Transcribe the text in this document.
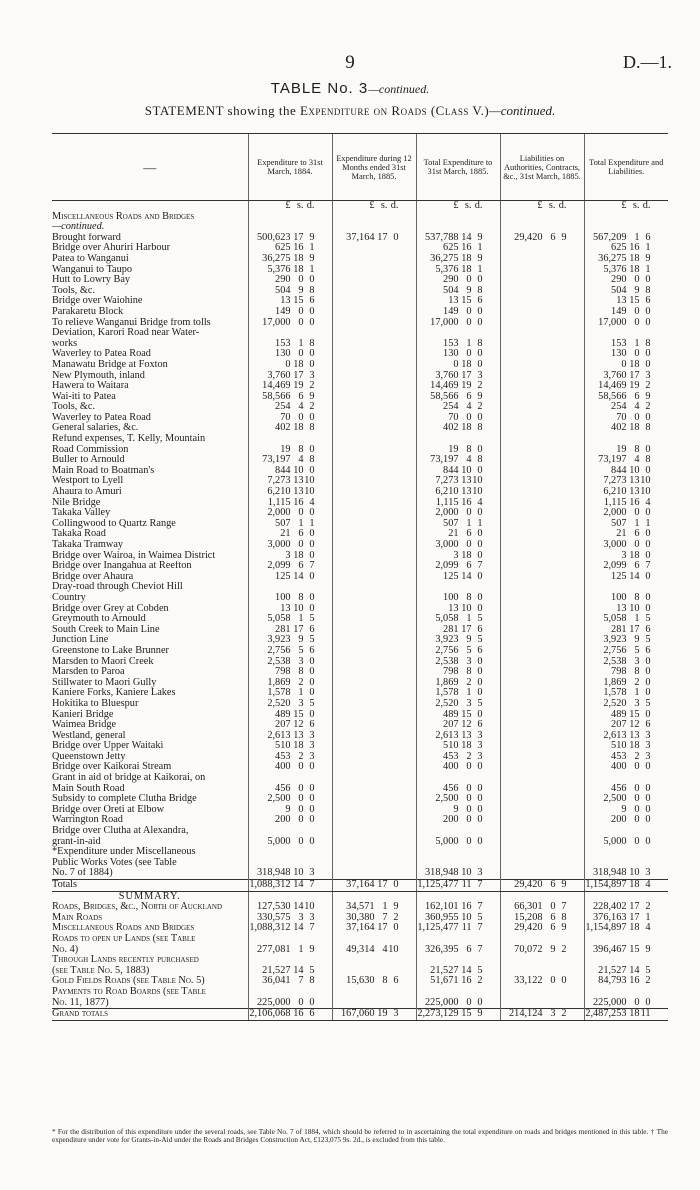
9	D.—1.
TABLE No. 3—continued.
STATEMENT showing the Expenditure on Roads (Class V.)—continued.
—	Expenditure to 31st March, 1884.	Expenditure during 12 Months ended 31st March, 1885.	Total Expenditure to 31st March, 1885.	Liabilities on Authorities, Contracts, &c., 31st March, 1885.	Total Expenditure and Liabilities.

	£ s. d.	£ s. d.	£ s. d.	£ s. d.	£ s. d.

Miscellaneous Roads and Bridges					
—continued.					
Brought forward	500,623 17 9	37,164 17 0	537,788 14 9	29,420 6 9	567,209 1 6

Bridge over Ahuriri Harbour	625 16 1		625 16 1		625 16 1

Patea to Wanganui	36,275 18 9		36,275 18 9		36,275 18 9

Wanganui to Taupo	5,376 18 1		5,376 18 1		5,376 18 1

Hutt to Lowry Bay	290 0 0		290 0 0		290 0 0

Tools, &c.	504 9 8		504 9 8		504 9 8

Bridge over Waiohine	13 15 6		13 15 6		13 15 6

Parakaretu Block	149 0 0		149 0 0		149 0 0

To relieve Wanganui Bridge from tolls	17,000 0 0		17,000 0 0		17,000 0 0

Deviation, Karori Road near Water-	

works	153 1 8		153 1 8		153 1 8

Waverley to Patea Road	130 0 0		130 0 0		130 0 0

Manawatu Bridge at Foxton	0 18 0		0 18 0		0 18 0

New Plymouth, inland	3,760 17 3		3,760 17 3		3,760 17 3

Hawera to Waitara	14,469 19 2		14,469 19 2		14,469 19 2

Wai-iti to Patea	58,566 6 9		58,566 6 9		58,566 6 9

Tools, &c.	254 4 2		254 4 2		254 4 2

Waverley to Patea Road	70 0 0		70 0 0		70 0 0

General salaries, &c.	402 18 8		402 18 8		402 18 8

Refund expenses, T. Kelly, Mountain	

Road Commission	19 8 0		19 8 0		19 8 0

Buller to Arnould	73,197 4 8		73,197 4 8		73,197 4 8

Main Road to Boatman's	844 10 0		844 10 0		844 10 0

Westport to Lyell	7,273 13 10		7,273 13 10		7,273 13 10

Ahaura to Amuri	6,210 13 10		6,210 13 10		6,210 13 10

Nile Bridge	1,115 16 4		1,115 16 4		1,115 16 4

Takaka Valley	2,000 0 0		2,000 0 0		2,000 0 0

Collingwood to Quartz Range	507 1 1		507 1 1		507 1 1

Takaka Road	21 6 0		21 6 0		21 6 0

Takaka Tramway	3,000 0 0		3,000 0 0		3,000 0 0

Bridge over Wairoa, in Waimea District	3 18 0		3 18 0		3 18 0

Bridge over Inangahua at Reefton	2,099 6 7		2,099 6 7		2,099 6 7

Bridge over Ahaura	125 14 0		125 14 0		125 14 0

Dray-road through Cheviot Hill	

Country	100 8 0		100 8 0		100 8 0

Bridge over Grey at Cobden	13 10 0		13 10 0		13 10 0

Greymouth to Arnould	5,058 1 5		5,058 1 5		5,058 1 5

South Creek to Main Line	281 17 6		281 17 6		281 17 6

Junction Line	3,923 9 5		3,923 9 5		3,923 9 5

Greenstone to Lake Brunner	2,756 5 6		2,756 5 6		2,756 5 6

Marsden to Maori Creek	2,538 3 0		2,538 3 0		2,538 3 0

Marsden to Paroa	798 8 0		798 8 0		798 8 0

Stillwater to Maori Gully	1,869 2 0		1,869 2 0		1,869 2 0

Kaniere Forks, Kaniere Lakes	1,578 1 0		1,578 1 0		1,578 1 0

Hokitika to Bluespur	2,520 3 5		2,520 3 5		2,520 3 5

Kanieri Bridge	489 15 0		489 15 0		489 15 0

Waimea Bridge	207 12 6		207 12 6		207 12 6

Westland, general	2,613 13 3		2,613 13 3		2,613 13 3

Bridge over Upper Waitaki	510 18 3		510 18 3		510 18 3

Queenstown Jetty	453 2 3		453 2 3		453 2 3

Bridge over Kaikorai Stream	400 0 0		400 0 0		400 0 0

Grant in aid of bridge at Kaikorai, on	

Main South Road	456 0 0		456 0 0		456 0 0

Subsidy to complete Clutha Bridge	2,500 0 0		2,500 0 0		2,500 0 0

Bridge over Oreti at Elbow	9 0 0		9 0 0		9 0 0

Warrington Road	200 0 0		200 0 0		200 0 0

Bridge over Clutha at Alexandra,	

grant-in-aid	5,000 0 0		5,000 0 0		5,000 0 0

*Expenditure under Miscellaneous	

Public Works Votes (see Table	

No. 7 of 1884)	318,948 10 3		318,948 10 3		318,948 10 3

Totals	1,088,312 14 7	37,164 17 0	1,125,477 11 7	29,420 6 9	1,154,897 18 4

SUMMARY.					
Roads, Bridges, &c., North of Auckland	127,530 14 10	34,571 1 9	162,101 16 7	66,301 0 7	228,402 17 2

Main Roads	330,575 3 3	30,380 7 2	360,955 10 5	15,208 6 8	376,163 17 1

Miscellaneous Roads and Bridges	1,088,312 14 7	37,164 17 0	1,125,477 11 7	29,420 6 9	1,154,897 18 4

Roads to open up Lands (see Table	

No. 4)	277,081 1 9	49,314 4 10	326,395 6 7	70,072 9 2	396,467 15 9

Through Lands recently purchased	

(see Table No. 5, 1883)	21,527 14 5		21,527 14 5		21,527 14 5

Gold Fields Roads (see Table No. 5)	36,041 7 8	15,630 8 6	51,671 16 2	33,122 0 0	84,793 16 2

Payments to Road Boards (see Table	

No. 11, 1877)	225,000 0 0		225,000 0 0		225,000 0 0

Grand totals	2,106,068 16 6	167,060 19 3	2,273,129 15 9	214,124 3 2	2,487,253 18 11
* For the distribution of this expenditure under the several roads, see Table No. 7 of 1884, which should be referred to in ascertaining the total expenditure on roads and bridges mentioned in this table. † The expenditure under vote for Grants-in-Aid under the Roads and Bridges Construction Act, £123,075 9s. 2d., is excluded from this table.
